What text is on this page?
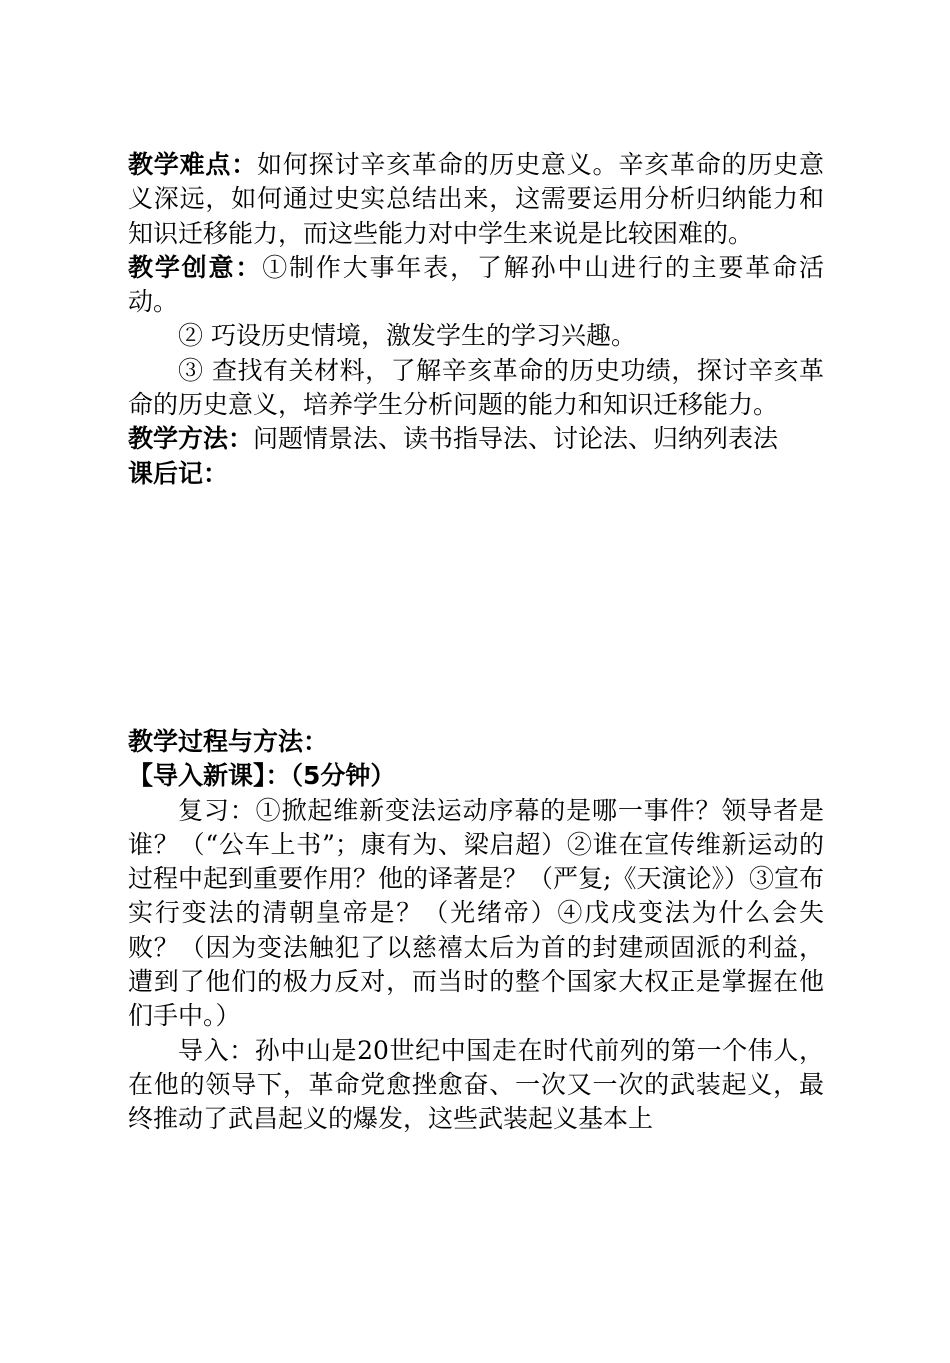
教学难点：如何探讨辛亥革命的历史意义。辛亥革命的历史意义深远，如何通过史实总结出来，这需要运用分析归纳能力和知识迁移能力，而这些能力对中学生来说是比较困难的。

教学创意：①制作大事年表，了解孙中山进行的主要革命活动。

② 巧设历史情境，激发学生的学习兴趣。

③ 查找有关材料，了解辛亥革命的历史功绩，探讨辛亥革命的历史意义，培养学生分析问题的能力和知识迁移能力。

教学方法：问题情景法、读书指导法、讨论法、归纳列表法

课后记：

教学过程与方法：

【导入新课】：（5分钟）

复习：①掀起维新变法运动序幕的是哪一事件？领导者是谁？（“公车上书”；康有为、梁启超）②谁在宣传维新运动的过程中起到重要作用？他的译著是？（严复;《天演论》）③宣布实行变法的清朝皇帝是？（光绪帝）④戊戌变法为什么会失败？（因为变法触犯了以慈禧太后为首的封建顽固派的利益，遭到了他们的极力反对，而当时的整个国家大权正是掌握在他们手中。）

导入：孙中山是20世纪中国走在时代前列的第一个伟人，在他的领导下，革命党愈挫愈奋、一次又一次的武装起义，最终推动了武昌起义的爆发，这些武装起义基本上
